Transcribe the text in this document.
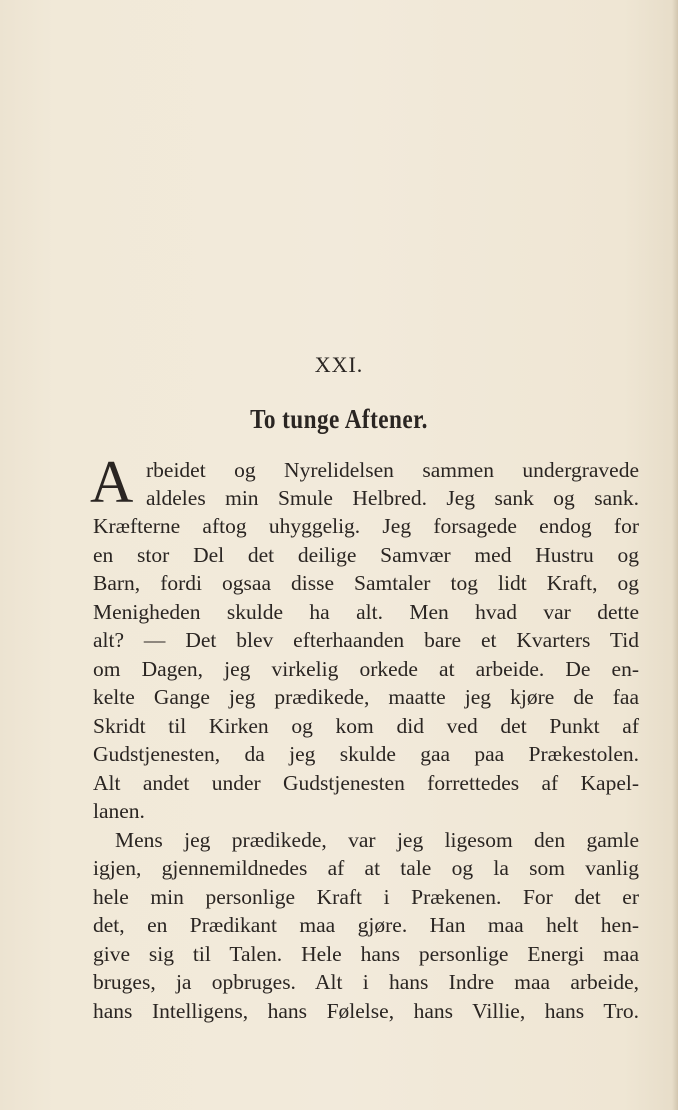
XXI.
To tunge Aftener.
A rbeidet og Nyrelidelsen sammen undergravede
aldeles min Smule Helbred. Jeg sank og sank.
Kræfterne aftog uhyggelig. Jeg forsagede endog for
en stor Del det deilige Samvær med Hustru og
Barn, fordi ogsaa disse Samtaler tog lidt Kraft, og
Menigheden skulde ha alt. Men hvad var dette
alt? — Det blev efterhaanden bare et Kvarters Tid
om Dagen, jeg virkelig orkede at arbeide. De en-
kelte Gange jeg prædikede, maatte jeg kjøre de faa
Skridt til Kirken og kom did ved det Punkt af
Gudstjenesten, da jeg skulde gaa paa Prækestolen.
Alt andet under Gudstjenesten forrettedes af Kapel-
lanen.
Mens jeg prædikede, var jeg ligesom den gamle
igjen, gjennemildnedes af at tale og la som vanlig
hele min personlige Kraft i Prækenen. For det er
det, en Prædikant maa gjøre. Han maa helt hen-
give sig til Talen. Hele hans personlige Energi maa
bruges, ja opbruges. Alt i hans Indre maa arbeide,
hans Intelligens, hans Følelse, hans Villie, hans Tro.
